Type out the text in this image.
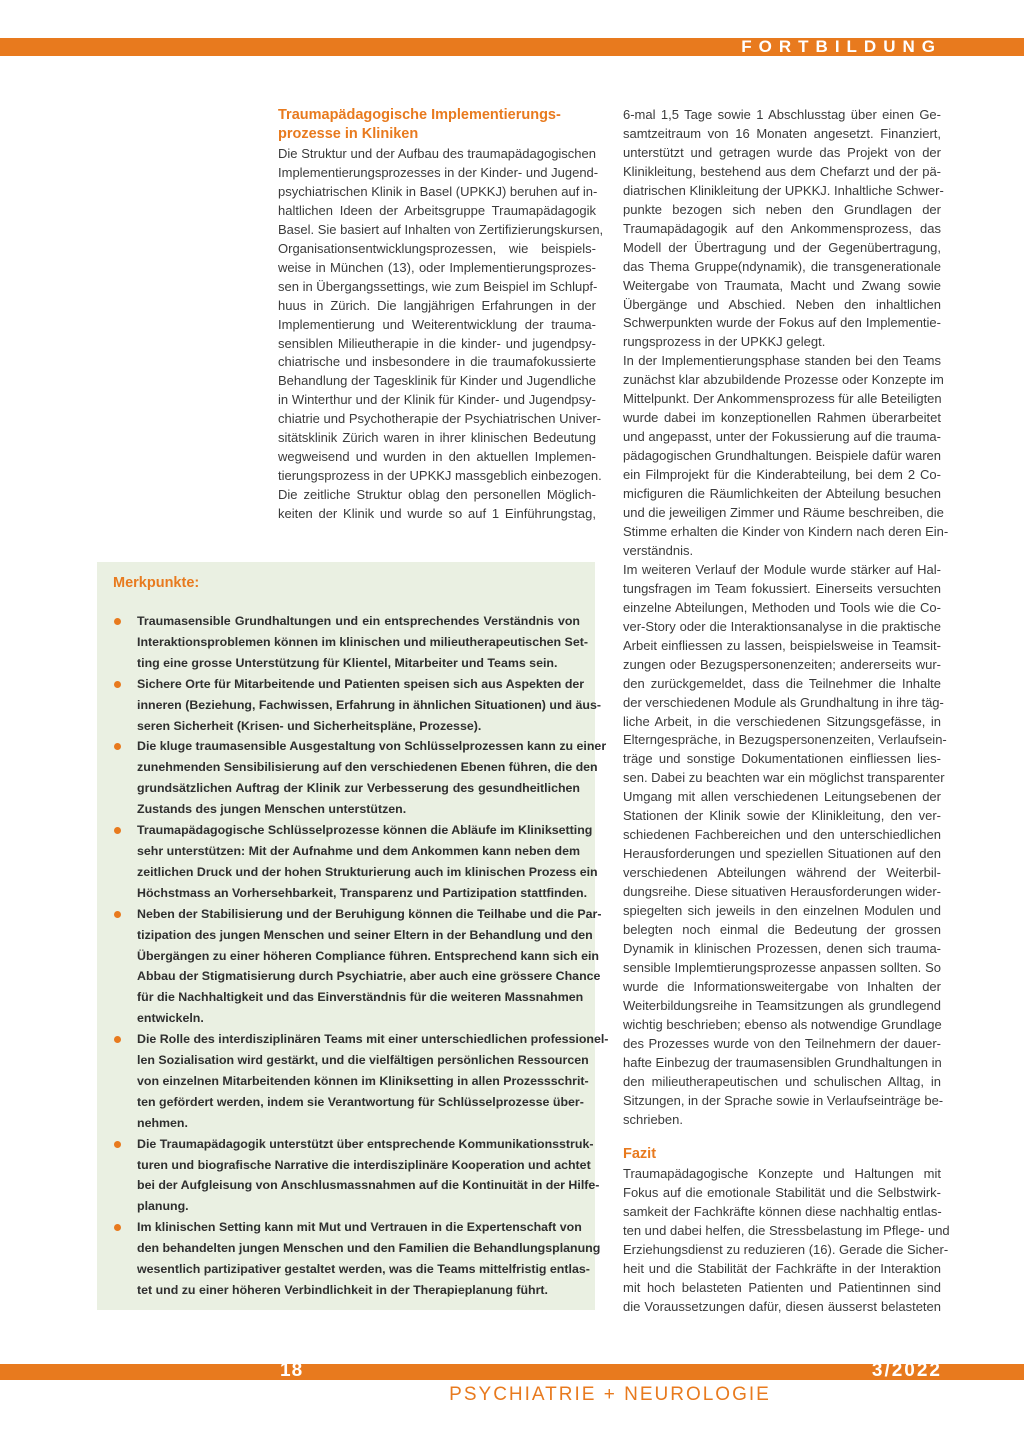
FORTBILDUNG
Traumapädagogische Implementierungs-
prozesse in Kliniken

Die Struktur und der Aufbau des traumapädagogischen
Implementierungsprozesses in der Kinder- und Jugend-
psychiatrischen Klinik in Basel (UPKKJ) beruhen auf in-
haltlichen Ideen der Arbeitsgruppe Traumapädagogik
Basel. Sie basiert auf Inhalten von Zertifizierungskursen,
Organisationsentwicklungsprozessen, wie beispiels-
weise in München (13), oder Implementierungsprozes-
sen in Übergangssettings, wie zum Beispiel im Schlupf-
huus in Zürich. Die langjährigen Erfahrungen in der
Implementierung und Weiterentwicklung der trauma-
sensiblen Milieutherapie in die kinder- und jugendpsy-
chiatrische und insbesondere in die traumafokussierte
Behandlung der Tagesklinik für Kinder und Jugendliche
in Winterthur und der Klinik für Kinder- und Jugendpsy-
chiatrie und Psychotherapie der Psychiatrischen Univer-
sitätsklinik Zürich waren in ihrer klinischen Bedeutung
wegweisend und wurden in den aktuellen Implemen-
tierungsprozess in der UPKKJ massgeblich einbezogen.
Die zeitliche Struktur oblag den personellen Möglich-
keiten der Klinik und wurde so auf 1 Einführungstag,

6-mal 1,5 Tage sowie 1 Abschlusstag über einen Ge-
samtzeitraum von 16 Monaten angesetzt. Finanziert,
unterstützt und getragen wurde das Projekt von der
Klinikleitung, bestehend aus dem Chefarzt und der pä-
diatrischen Klinikleitung der UPKKJ. Inhaltliche Schwer-
punkte bezogen sich neben den Grundlagen der
Traumapädagogik auf den Ankommensprozess, das
Modell der Übertragung und der Gegenübertragung,
das Thema Gruppe(ndynamik), die transgenerationale
Weitergabe von Traumata, Macht und Zwang sowie
Übergänge und Abschied. Neben den inhaltlichen
Schwerpunkten wurde der Fokus auf den Implementie-
rungsprozess in der UPKKJ gelegt.

In der Implementierungsphase standen bei den Teams
zunächst klar abzubildende Prozesse oder Konzepte im
Mittelpunkt. Der Ankommensprozess für alle Beteiligten
wurde dabei im konzeptionellen Rahmen überarbeitet
und angepasst, unter der Fokussierung auf die trauma-
pädagogischen Grundhaltungen. Beispiele dafür waren
ein Filmprojekt für die Kinderabteilung, bei dem 2 Co-
micfiguren die Räumlichkeiten der Abteilung besuchen
und die jeweiligen Zimmer und Räume beschreiben, die
Stimme erhalten die Kinder von Kindern nach deren Ein-
verständnis.

Im weiteren Verlauf der Module wurde stärker auf Hal-
tungsfragen im Team fokussiert. Einerseits versuchten
einzelne Abteilungen, Methoden und Tools wie die Co-
ver-Story oder die Interaktionsanalyse in die praktische
Arbeit einfliessen zu lassen, beispielsweise in Teamsit-
zungen oder Bezugspersonenzeiten; andererseits wur-
den zurückgemeldet, dass die Teilnehmer die Inhalte
der verschiedenen Module als Grundhaltung in ihre täg-
liche Arbeit, in die verschiedenen Sitzungsgefässe, in
Elterngespräche, in Bezugspersonenzeiten, Verlaufsein-
träge und sonstige Dokumentationen einfliessen lies-
sen. Dabei zu beachten war ein möglichst transparenter
Umgang mit allen verschiedenen Leitungsebenen der
Stationen der Klinik sowie der Klinikleitung, den ver-
schiedenen Fachbereichen und den unterschiedlichen
Herausforderungen und speziellen Situationen auf den
verschiedenen Abteilungen während der Weiterbil-
dungsreihe. Diese situativen Herausforderungen wider-
spiegelten sich jeweils in den einzelnen Modulen und
belegten noch einmal die Bedeutung der grossen
Dynamik in klinischen Prozessen, denen sich trauma-
sensible Implemtierungsprozesse anpassen sollten. So
wurde die Informationsweitergabe von Inhalten der
Weiterbildungsreihe in Teamsitzungen als grundlegend
wichtig beschrieben; ebenso als notwendige Grundlage
des Prozesses wurde von den Teilnehmern der dauer-
hafte Einbezug der traumasensiblen Grundhaltungen in
den milieutherapeutischen und schulischen Alltag, in
Sitzungen, in der Sprache sowie in Verlaufseinträge be-
schrieben.

Fazit

Traumapädagogische Konzepte und Haltungen mit
Fokus auf die emotionale Stabilität und die Selbstwirk-
samkeit der Fachkräfte können diese nachhaltig entlas-
ten und dabei helfen, die Stressbelastung im Pflege- und
Erziehungsdienst zu reduzieren (16). Gerade die Sicher-
heit und die Stabilität der Fachkräfte in der Interaktion
mit hoch belasteten Patienten und Patientinnen sind
die Voraussetzungen dafür, diesen äusserst belasteten

Merkpunkte:
Traumasensible Grundhaltungen und ein entsprechendes Verständnis von
Interaktionsproblemen können im klinischen und milieutherapeutischen Set-
ting eine grosse Unterstützung für Klientel, Mitarbeiter und Teams sein.
Sichere Orte für Mitarbeitende und Patienten speisen sich aus Aspekten der
inneren (Beziehung, Fachwissen, Erfahrung in ähnlichen Situationen) und äus-
seren Sicherheit (Krisen- und Sicherheitspläne, Prozesse).
Die kluge traumasensible Ausgestaltung von Schlüsselprozessen kann zu einer
zunehmenden Sensibilisierung auf den verschiedenen Ebenen führen, die den
grundsätzlichen Auftrag der Klinik zur Verbesserung des gesundheitlichen
Zustands des jungen Menschen unterstützen.
Traumapädagogische Schlüsselprozesse können die Abläufe im Kliniksetting
sehr unterstützen: Mit der Aufnahme und dem Ankommen kann neben dem
zeitlichen Druck und der hohen Strukturierung auch im klinischen Prozess ein
Höchstmass an Vorhersehbarkeit, Transparenz und Partizipation stattfinden.
Neben der Stabilisierung und der Beruhigung können die Teilhabe und die Par-
tizipation des jungen Menschen und seiner Eltern in der Behandlung und den
Übergängen zu einer höheren Compliance führen. Entsprechend kann sich ein
Abbau der Stigmatisierung durch Psychiatrie, aber auch eine grössere Chance
für die Nachhaltigkeit und das Einverständnis für die weiteren Massnahmen
entwickeln.
Die Rolle des interdisziplinären Teams mit einer unterschiedlichen professionel-
len Sozialisation wird gestärkt, und die vielfältigen persönlichen Ressourcen
von einzelnen Mitarbeitenden können im Kliniksetting in allen Prozessschrit-
ten gefördert werden, indem sie Verantwortung für Schlüsselprozesse über-
nehmen.
Die Traumapädagogik unterstützt über entsprechende Kommunikationsstruk-
turen und biografische Narrative die interdisziplinäre Kooperation und achtet
bei der Aufgleisung von Anschlusmassnahmen auf die Kontinuität in der Hilfe-
planung.
Im klinischen Setting kann mit Mut und Vertrauen in die Expertenschaft von
den behandelten jungen Menschen und den Familien die Behandlungsplanung
wesentlich partizipativer gestaltet werden, was die Teams mittelfristig entlas-
tet und zu einer höheren Verbindlichkeit in der Therapieplanung führt.
18	3/2022
PSYCHIATRIE + NEUROLOGIE
